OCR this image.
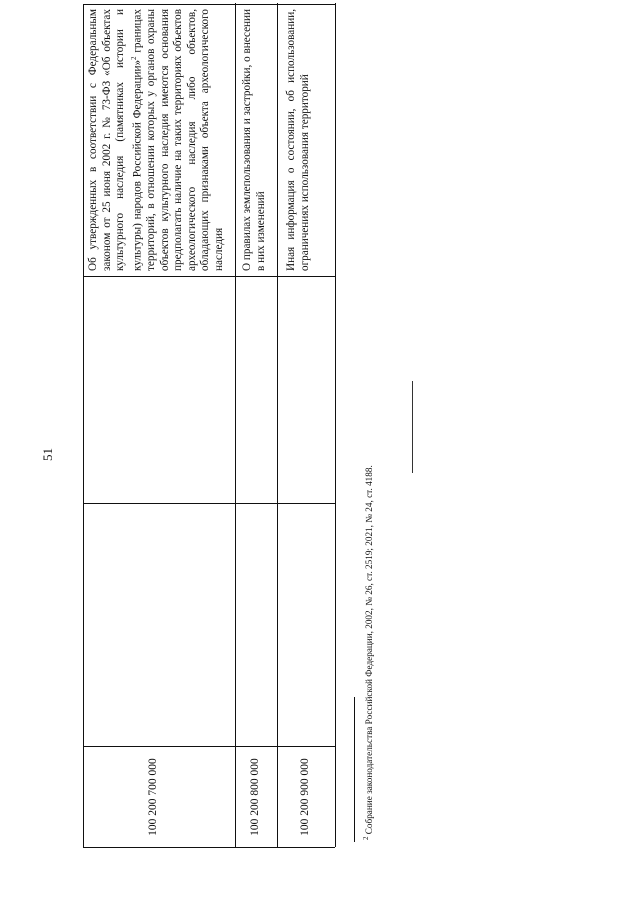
51
100 200 700 000
Об утвержденных в соответствии с Федеральным законом от 25 июня 2002 г. № 73-ФЗ «Об объектах культурного наследия (памятниках истории и культуры) народов Российской Федерации»$^2$ границах территорий, в отношении которых у органов охраны объектов культурного наследия имеются основания предполагать наличие на таких территориях объектов археологического наследия либо объектов, обладающих признаками объекта археологического наследия
100 200 800 000
О правилах землепользования и застройки, о внесении в них изменений
100 200 900 000
Иная информация о состоянии, об использовании, ограничениях использования территорий
$^2$ Собрание законодательства Российской Федерации, 2002, № 26, ст. 2519; 2021, № 24, ст. 4188.
